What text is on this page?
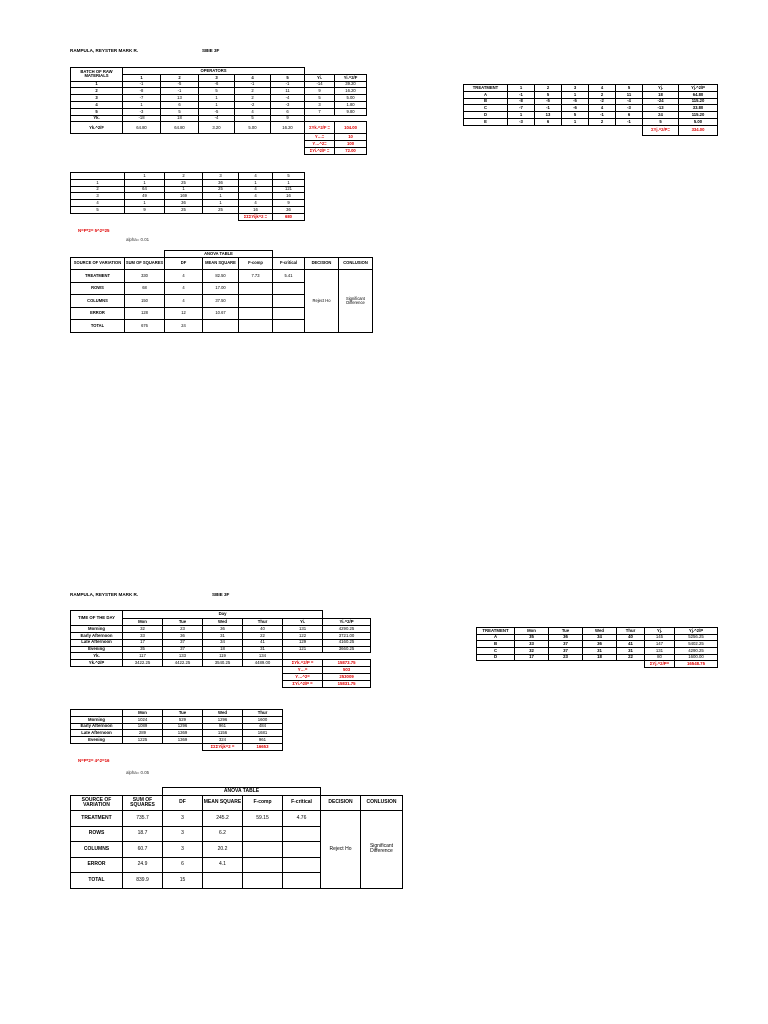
RAMPULA, REYSTER MARK R.	SBIE 3F
BATCH OF RAW MATERIALS	OPERATORS						
	1	2	3	4	5	Yi.	Yi.^2/F
1	-1	-5	-6	-1	-1	-14	39.20
2	-8	-1	5	2	11	9	16.20
3	-7	13	1	2	-4	5	5.00
4	1	6	1	-2	-3	3	1.80
5	-3	5	-5	4	6	7	9.80
Yk.	-18	18	-4	5	9		
Yk.^2/F	64.80	64.80	3.20	5.00	16.20	ΣYk.^2/F =	104.00
						Y…=	10
						Y…^2=	100
						ΣYi.^2/F =	72.00
TREATMENT	1	2	3	4	5	Yj.	Yj.^2/P
A	-1	5	1	2	11	18	64.80
B	-8	-5	-5	-2	-4	-24	115.20
C	-7	-1	-6	4	-3	-13	33.80
D	1	13	5	-1	6	24	115.20
E	-3	6	1	2	-1	5	5.00
						ΣYj.^2/P=	334.00
	1	2	3	4	5
1	1	25	36	1	1
2	64	1	25	4	121
3	49	169	1	4	16
4	1	36	1	4	9
5	9	25	25	16	36
				ΣΣΣYijk^2 =	680
N=P*2= 5^2=25
alpha= 0.01
		ANOVA TABLE					
SOURCE OF VARIATION	SUM OF SQUARES	DF	MEAN SQUARE	F-comp	F-critical	DECISION	CONLUSION
TREATMENT	330	4	82.50	7.73	5.41	Reject Ho	Significant Difference
ROWS	68	4	17.00				
COLUMNS	150	4	37.50				
ERROR	128	12	10.67				
TOTAL	676	24					
RAMPULA, REYSTER MARK R.	SBIE 3F
TIME OF THE DAY	Day					
	Mon	Tue	Wed	Thur	Yi.	Yi.^2/P
Morning	32	23	36	40	131	4290.25
Early Afternoon	33	36	31	22	122	3721.00
Late Afternoon	17	37	34	41	129	4160.25
Evening	35	37	18	31	121	3660.25
Yk.	117	133	119	134		
Yk.^2/P	3422.25	4422.25	3540.25	4489.00	ΣYk.^2/P =	15873.75
					Y…=	503
					Y…^2=	253009
					ΣYi.^2/P =	15831.75
TREATMENT	Mon	Tue	Wed	Thur	Yj.	Yj.^2/P
A	35	36	34	40	145	5256.25
B	33	37	36	41	147	5402.25
C	32	37	31	31	131	4290.25
D	17	23	18	22	80	1600.00
					ΣYj.^2/P=	16548.75
	Mon	Tue	Wed	Thur
Morning	1024	529	1296	1600
Early Afternoon	1089	1296	961	484
Late Afternoon	289	1369	1156	1681
Evening	1225	1369	324	961
			ΣΣΣYijk^2 =	16653
N=P*2= 4^2=16
alpha= 0.05
		ANOVA TABLE					
SOURCE OF VARIATION	SUM OF SQUARES	DF	MEAN SQUARE	F-comp	F-critical	DECISION	CONLUSION
TREATMENT	735.7	3	245.2	59.15	4.76	Reject Ho	Significant Difference
ROWS	18.7	3	6.2				
COLUMNS	60.7	3	20.2				
ERROR	24.9	6	4.1				
TOTAL	839.9	15					
